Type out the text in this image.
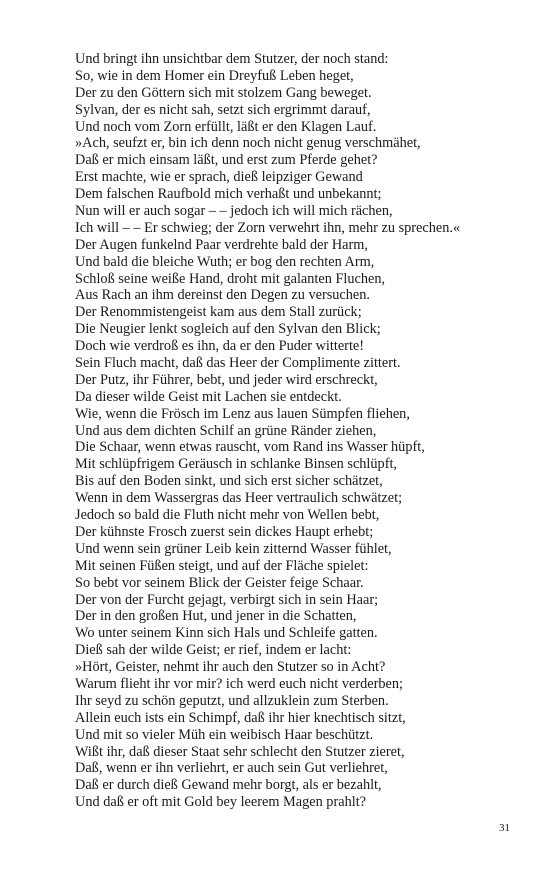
Und bringt ihn unsichtbar dem Stutzer, der noch stand:
So, wie in dem Homer ein Dreyfuß Leben heget,
Der zu den Göttern sich mit stolzem Gang beweget.
Sylvan, der es nicht sah, setzt sich ergrimmt darauf,
Und noch vom Zorn erfüllt, läßt er den Klagen Lauf.
»Ach, seufzt er, bin ich denn noch nicht genug verschmähet,
Daß er mich einsam läßt, und erst zum Pferde gehet?
Erst machte, wie er sprach, dieß leipziger Gewand
Dem falschen Raufbold mich verhaßt und unbekannt;
Nun will er auch sogar – – jedoch ich will mich rächen,
Ich will – – Er schwieg; der Zorn verwehrt ihn, mehr zu sprechen.«
Der Augen funkelnd Paar verdrehte bald der Harm,
Und bald die bleiche Wuth; er bog den rechten Arm,
Schloß seine weiße Hand, droht mit galanten Fluchen,
Aus Rach an ihm dereinst den Degen zu versuchen.
Der Renommistengeist kam aus dem Stall zurück;
Die Neugier lenkt sogleich auf den Sylvan den Blick;
Doch wie verdroß es ihn, da er den Puder witterte!
Sein Fluch macht, daß das Heer der Complimente zittert.
Der Putz, ihr Führer, bebt, und jeder wird erschreckt,
Da dieser wilde Geist mit Lachen sie entdeckt.
Wie, wenn die Frösch im Lenz aus lauen Sümpfen fliehen,
Und aus dem dichten Schilf an grüne Ränder ziehen,
Die Schaar, wenn etwas rauscht, vom Rand ins Wasser hüpft,
Mit schlüpfrigem Geräusch in schlanke Binsen schlüpft,
Bis auf den Boden sinkt, und sich erst sicher schätzet,
Wenn in dem Wassergras das Heer vertraulich schwätzet;
Jedoch so bald die Fluth nicht mehr von Wellen bebt,
Der kühnste Frosch zuerst sein dickes Haupt erhebt;
Und wenn sein grüner Leib kein zitternd Wasser fühlet,
Mit seinen Füßen steigt, und auf der Fläche spielet:
So bebt vor seinem Blick der Geister feige Schaar.
Der von der Furcht gejagt, verbirgt sich in sein Haar;
Der in den großen Hut, und jener in die Schatten,
Wo unter seinem Kinn sich Hals und Schleife gatten.
Dieß sah der wilde Geist; er rief, indem er lacht:
»Hört, Geister, nehmt ihr auch den Stutzer so in Acht?
Warum flieht ihr vor mir? ich werd euch nicht verderben;
Ihr seyd zu schön geputzt, und allzuklein zum Sterben.
Allein euch ists ein Schimpf, daß ihr hier knechtisch sitzt,
Und mit so vieler Müh ein weibisch Haar beschützt.
Wißt ihr, daß dieser Staat sehr schlecht den Stutzer zieret,
Daß, wenn er ihn verliehrt, er auch sein Gut verliehret,
Daß er durch dieß Gewand mehr borgt, als er bezahlt,
Und daß er oft mit Gold bey leerem Magen prahlt?
31
